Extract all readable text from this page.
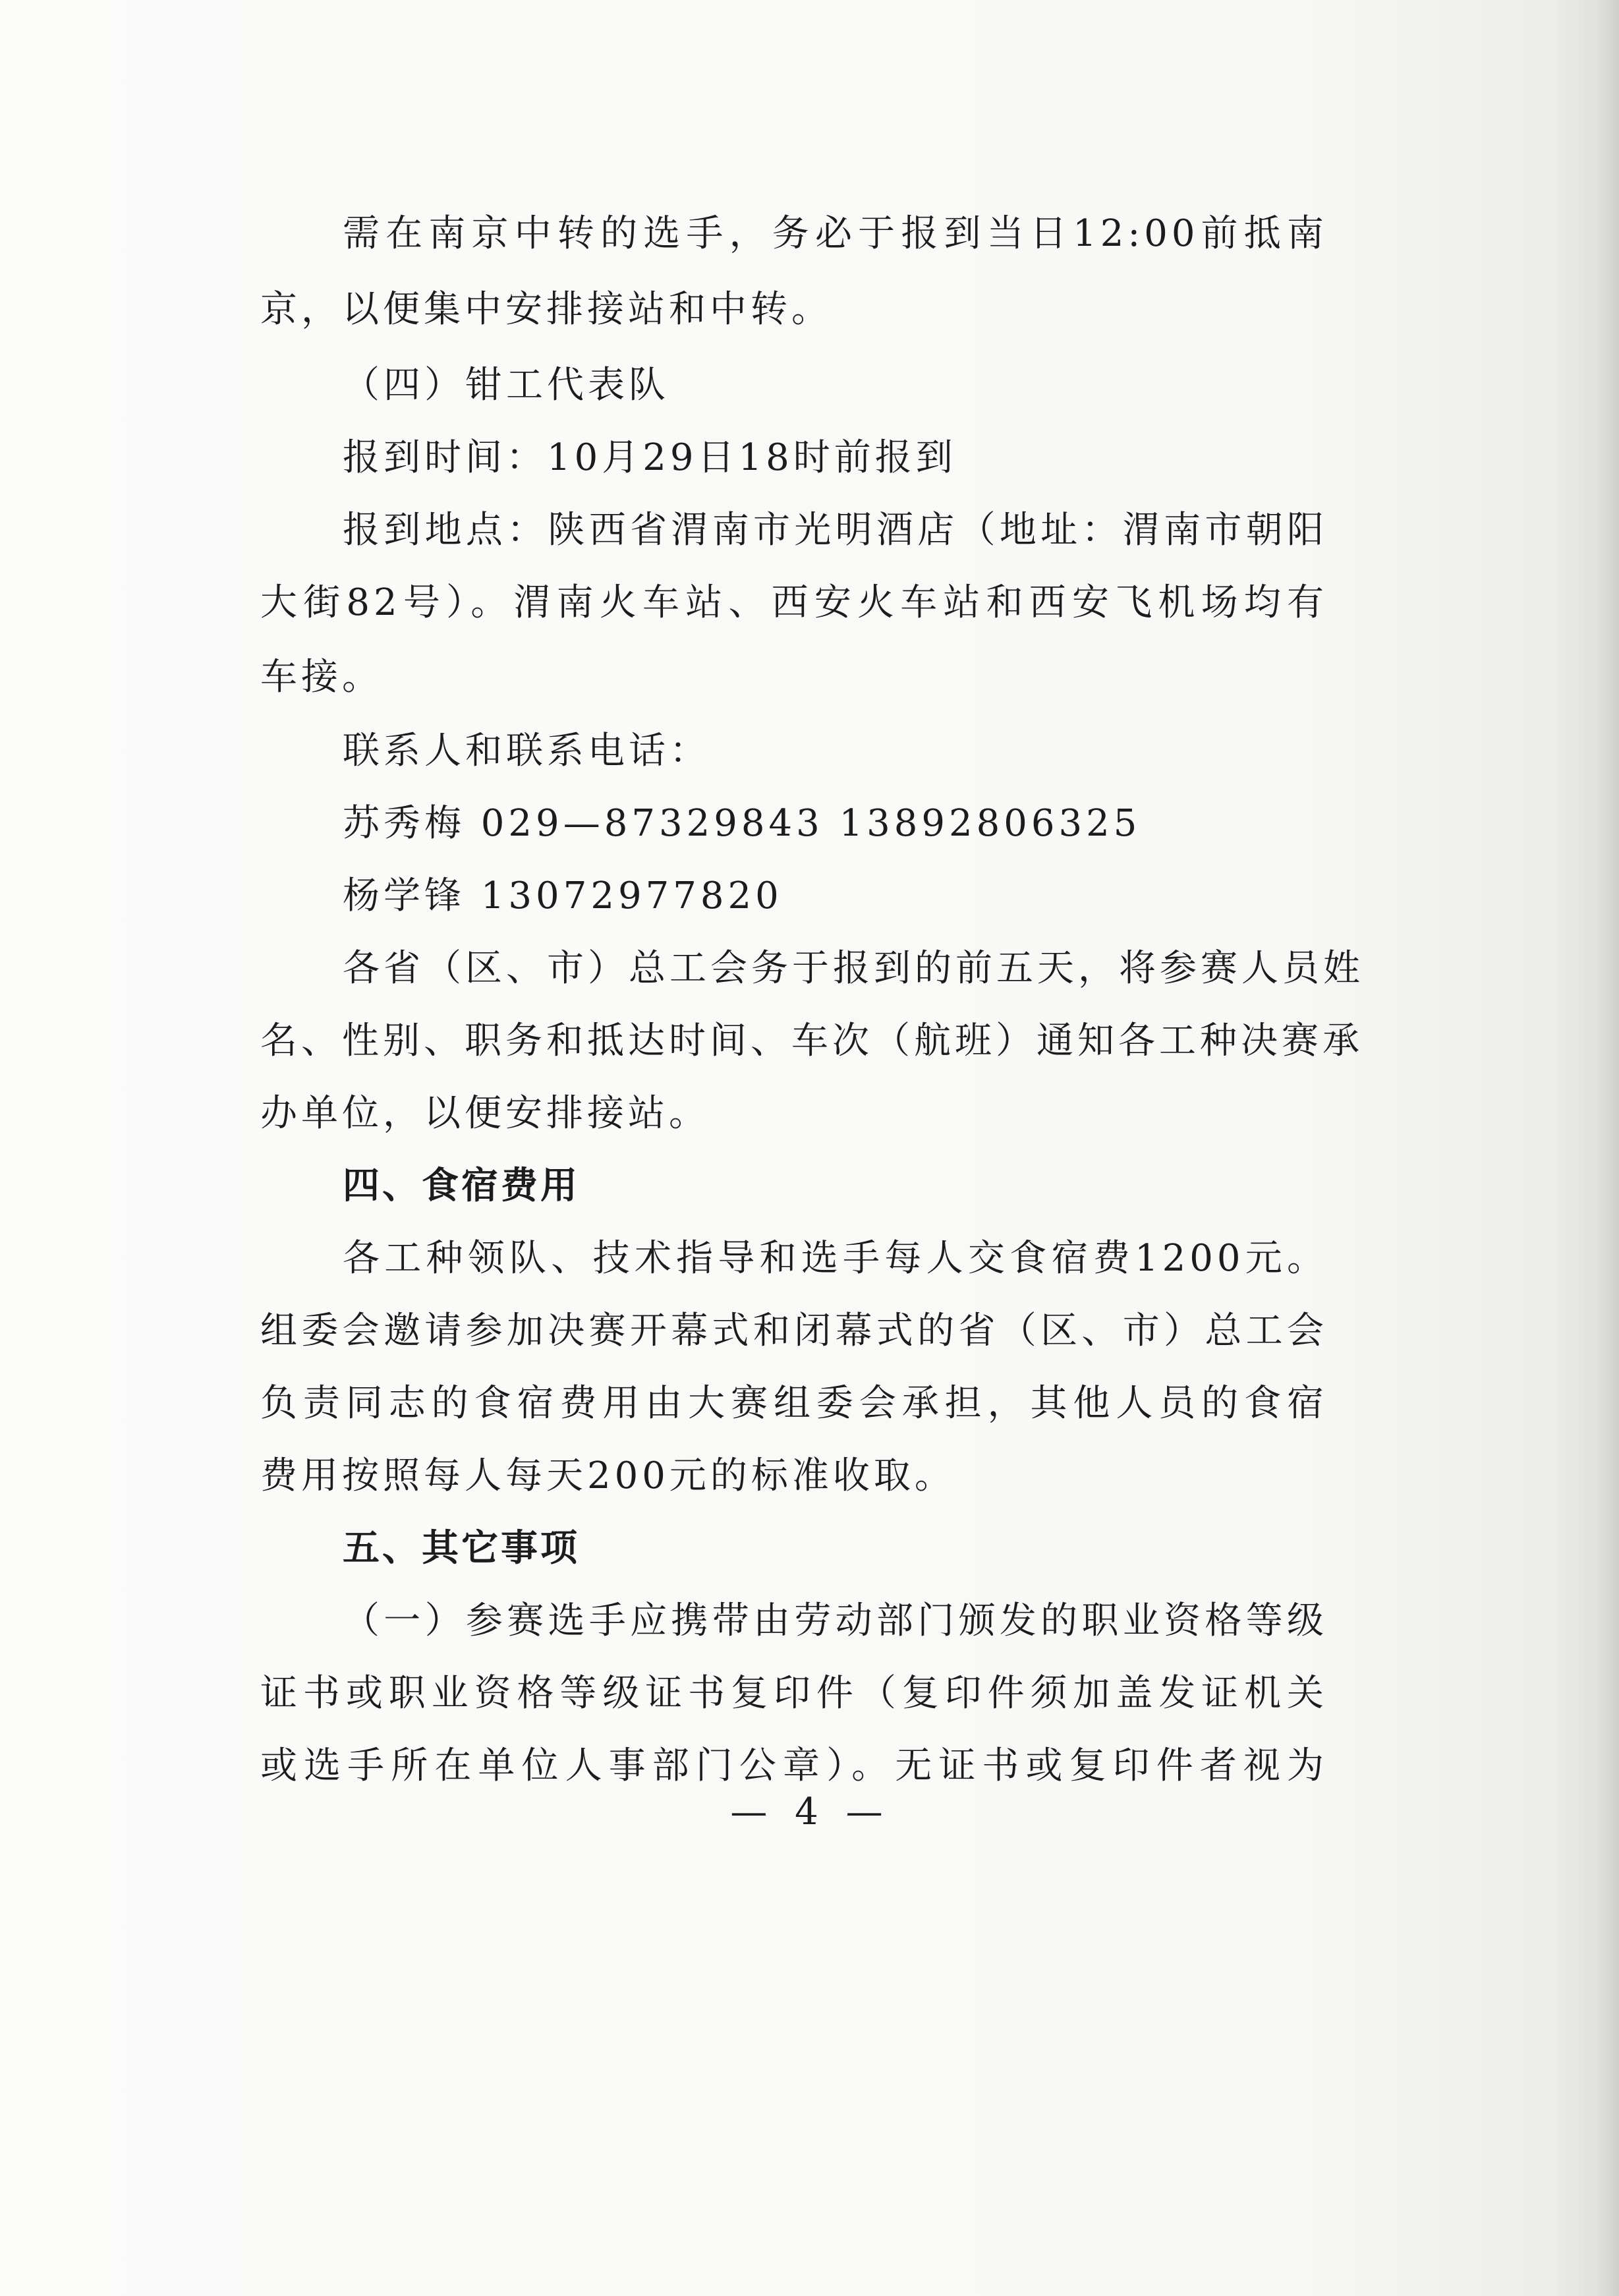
需在南京中转的选手，务必于报到当日12:00前抵南
京，以便集中安排接站和中转。
（四）钳工代表队
报到时间：10月29日18时前报到
报到地点：陕西省渭南市光明酒店（地址：渭南市朝阳
大街82号）。渭南火车站、西安火车站和西安飞机场均有
车接。
联系人和联系电话：
苏秀梅 029—87329843 13892806325
杨学锋 13072977820
各省（区、市）总工会务于报到的前五天，将参赛人员姓
名、性别、职务和抵达时间、车次（航班）通知各工种决赛承
办单位，以便安排接站。
四、食宿费用
各工种领队、技术指导和选手每人交食宿费1200元。
组委会邀请参加决赛开幕式和闭幕式的省（区、市）总工会
负责同志的食宿费用由大赛组委会承担，其他人员的食宿
费用按照每人每天200元的标准收取。
五、其它事项
（一）参赛选手应携带由劳动部门颁发的职业资格等级
证书或职业资格等级证书复印件（复印件须加盖发证机关
或选手所在单位人事部门公章）。无证书或复印件者视为
— 4 —
